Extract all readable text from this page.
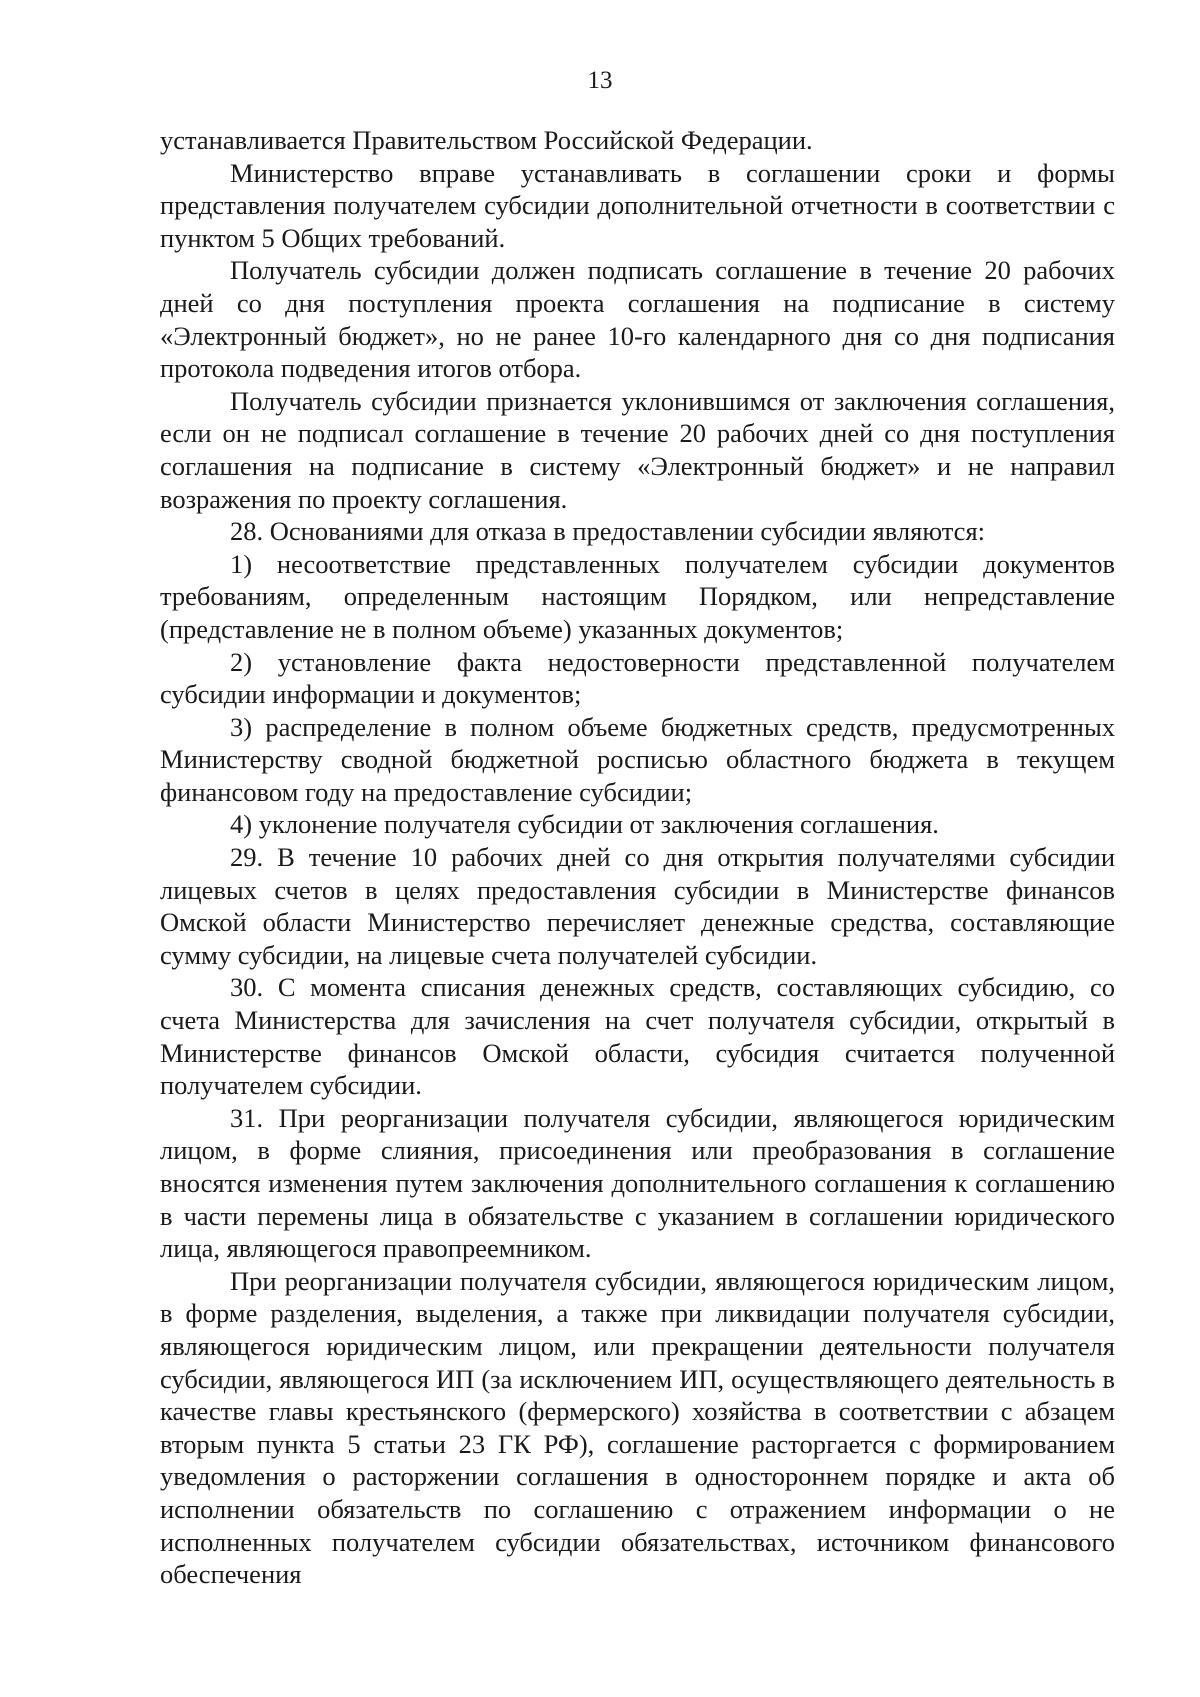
13

устанавливается Правительством Российской Федерации.

Министерство вправе устанавливать в соглашении сроки и формы представления получателем субсидии дополнительной отчетности в соответствии с пунктом 5 Общих требований.

Получатель субсидии должен подписать соглашение в течение 20 рабочих дней со дня поступления проекта соглашения на подписание в систему «Электронный бюджет», но не ранее 10-го календарного дня со дня подписания протокола подведения итогов отбора.

Получатель субсидии признается уклонившимся от заключения соглашения, если он не подписал соглашение в течение 20 рабочих дней со дня поступления соглашения на подписание в систему «Электронный бюджет» и не направил возражения по проекту соглашения.

28. Основаниями для отказа в предоставлении субсидии являются:

1) несоответствие представленных получателем субсидии документов требованиям, определенным настоящим Порядком, или непредставление (представление не в полном объеме) указанных документов;

2) установление факта недостоверности представленной получателем субсидии информации и документов;

3) распределение в полном объеме бюджетных средств, предусмотренных Министерству сводной бюджетной росписью областного бюджета в текущем финансовом году на предоставление субсидии;

4) уклонение получателя субсидии от заключения соглашения.

29. В течение 10 рабочих дней со дня открытия получателями субсидии лицевых счетов в целях предоставления субсидии в Министерстве финансов Омской области Министерство перечисляет денежные средства, составляющие сумму субсидии, на лицевые счета получателей субсидии.

30. С момента списания денежных средств, составляющих субсидию, со счета Министерства для зачисления на счет получателя субсидии, открытый в Министерстве финансов Омской области, субсидия считается полученной получателем субсидии.

31. При реорганизации получателя субсидии, являющегося юридическим лицом, в форме слияния, присоединения или преобразования в соглашение вносятся изменения путем заключения дополнительного соглашения к соглашению в части перемены лица в обязательстве с указанием в соглашении юридического лица, являющегося правопреемником.

При реорганизации получателя субсидии, являющегося юридическим лицом, в форме разделения, выделения, а также при ликвидации получателя субсидии, являющегося юридическим лицом, или прекращении деятельности получателя субсидии, являющегося ИП (за исключением ИП, осуществляющего деятельность в качестве главы крестьянского (фермерского) хозяйства в соответствии с абзацем вторым пункта 5 статьи 23 ГК РФ), соглашение расторгается с формированием уведомления о расторжении соглашения в одностороннем порядке и акта об исполнении обязательств по соглашению с отражением информации о не исполненных получателем субсидии обязательствах, источником финансового обеспечения
